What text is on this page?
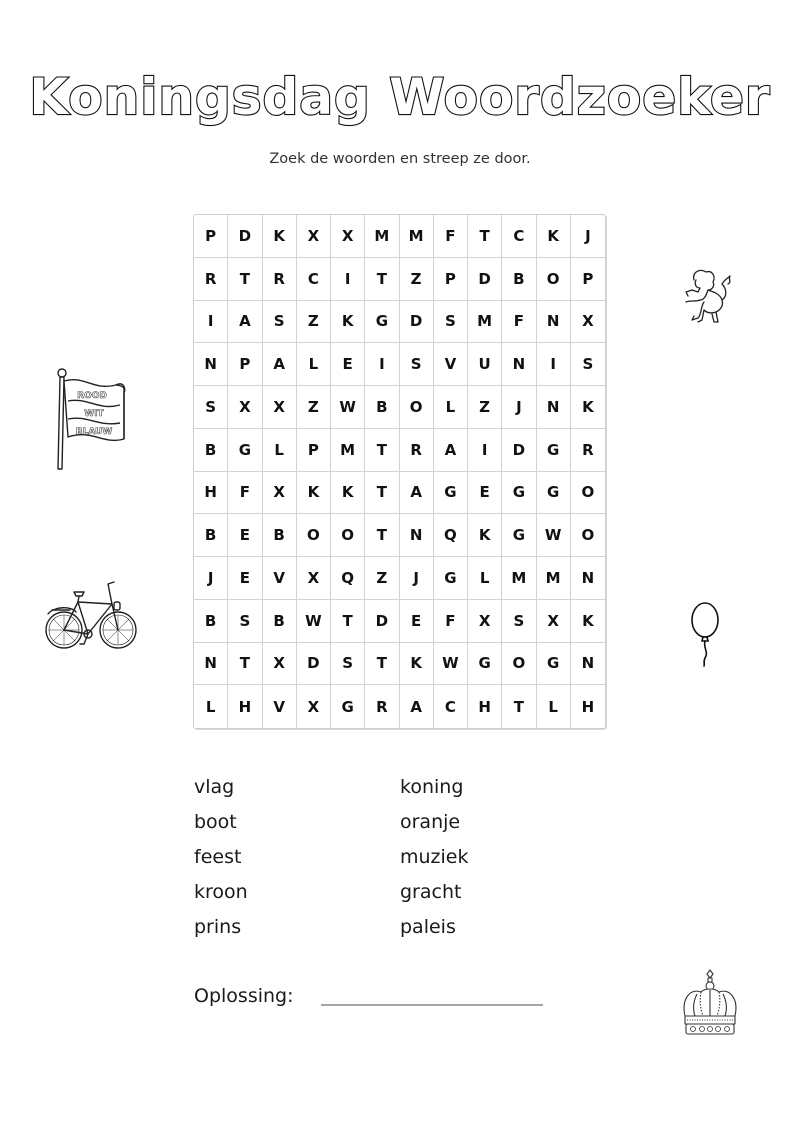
Koningsdag Woordzoeker
Zoek de woorden en streep ze door.
P	D	K	X	X	M	M	F	T	C	K	J
R	T	R	C	I	T	Z	P	D	B	O	P
I	A	S	Z	K	G	D	S	M	F	N	X
N	P	A	L	E	I	S	V	U	N	I	S
S	X	X	Z	W	B	O	L	Z	J	N	K
B	G	L	P	M	T	R	A	I	D	G	R
H	F	X	K	K	T	A	G	E	G	G	O
B	E	B	O	O	T	N	Q	K	G	W	O
J	E	V	X	Q	Z	J	G	L	M	M	N
B	S	B	W	T	D	E	F	X	S	X	K
N	T	X	D	S	T	K	W	G	O	G	N
L	H	V	X	G	R	A	C	H	T	L	H
vlag
boot
feest
kroon
prins
koning
oranje
muziek
gracht
paleis
Oplossing:
ROOD
WIT
BLAUW
